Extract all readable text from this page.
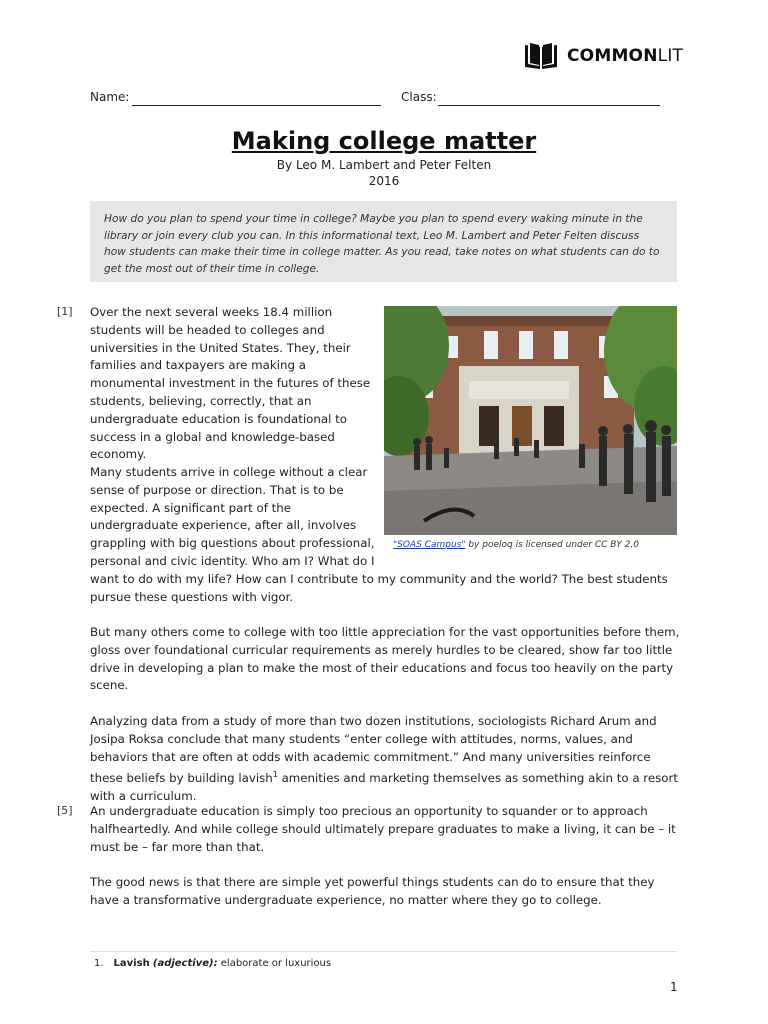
COMMONLIT
Name:	Class:
Making college matter
By Leo M. Lambert and Peter Felten
2016
How do you plan to spend your time in college? Maybe you plan to spend every waking minute in the library or join every club you can. In this informational text, Leo M. Lambert and Peter Felten discuss how students can make their time in college matter. As you read, take notes on what students can do to get the most out of their time in college.
"SOAS Campus" by poeloq is licensed under CC BY 2.0
[1]
[5]

Over the next several weeks 18.4 million students will be headed to colleges and universities in the United States. They, their families and taxpayers are making a monumental investment in the futures of these students, believing, correctly, that an undergraduate education is foundational to success in a global and knowledge-based economy.

Many students arrive in college without a clear sense of purpose or direction. That is to be expected. A significant part of the undergraduate experience, after all, involves grappling with big questions about professional, personal and civic identity. Who am I? What do I want to do with my life? How can I contribute to my community and the world? The best students pursue these questions with vigor.

But many others come to college with too little appreciation for the vast opportunities before them, gloss over foundational curricular requirements as merely hurdles to be cleared, show far too little drive in developing a plan to make the most of their educations and focus too heavily on the party scene.

Analyzing data from a study of more than two dozen institutions, sociologists Richard Arum and Josipa Roksa conclude that many students “enter college with attitudes, norms, values, and behaviors that are often at odds with academic commitment.” And many universities reinforce these beliefs by building lavish$^1$ amenities and marketing themselves as something akin to a resort with a curriculum.

An undergraduate education is simply too precious an opportunity to squander or to approach halfheartedly. And while college should ultimately prepare graduates to make a living, it can be – it must be – far more than that.

The good news is that there are simple yet powerful things students can do to ensure that they have a transformative undergraduate experience, no matter where they go to college.

1. Lavish (adjective): elaborate or luxurious
1
